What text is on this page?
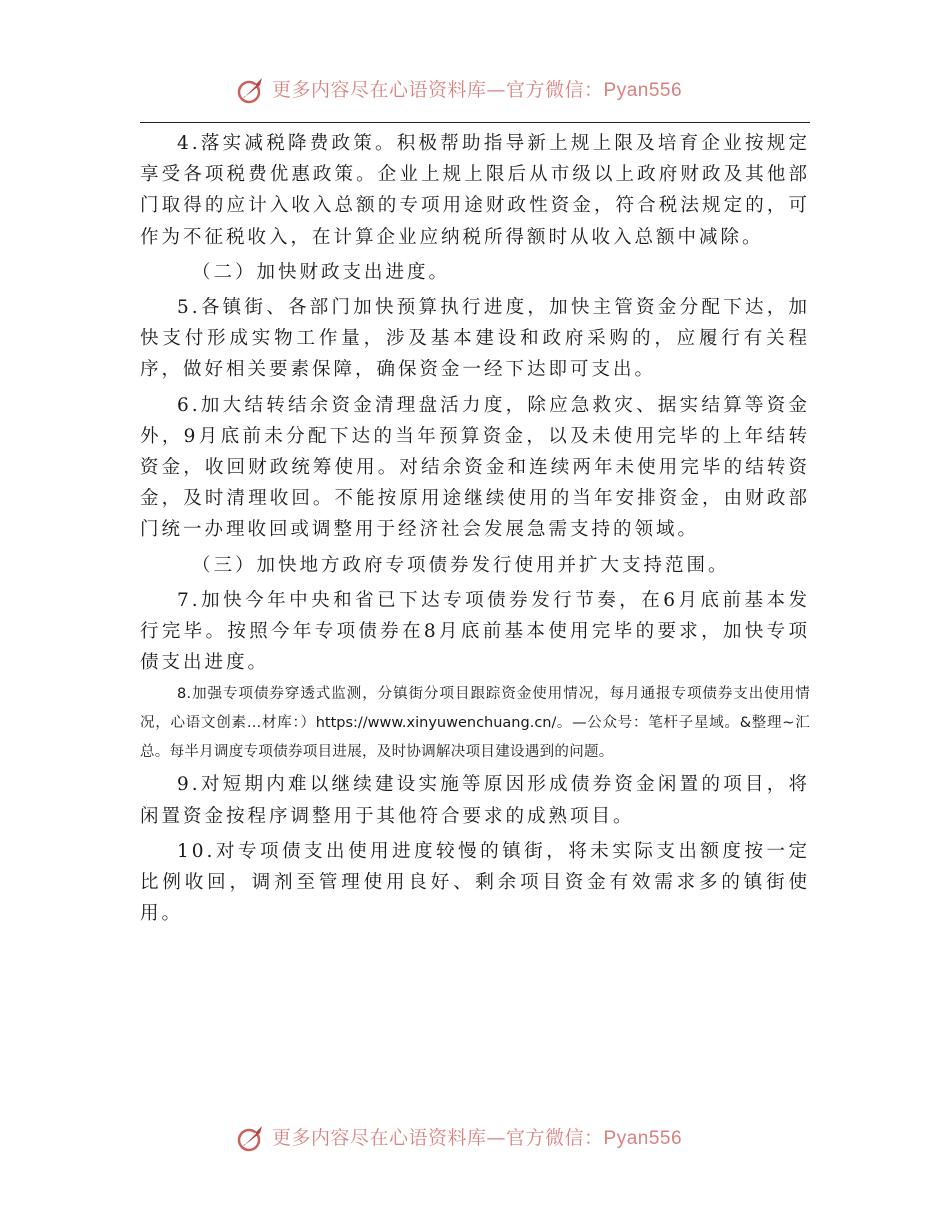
更多内容尽在心语资料库—官方微信：Pyan556

4.落实减税降费政策。积极帮助指导新上规上限及培育企业按规定享受各项税费优惠政策。企业上规上限后从市级以上政府财政及其他部门取得的应计入收入总额的专项用途财政性资金，符合税法规定的，可作为不征税收入，在计算企业应纳税所得额时从收入总额中减除。

（二）加快财政支出进度。

5.各镇街、各部门加快预算执行进度，加快主管资金分配下达，加快支付形成实物工作量，涉及基本建设和政府采购的，应履行有关程序，做好相关要素保障，确保资金一经下达即可支出。

6.加大结转结余资金清理盘活力度，除应急救灾、据实结算等资金外，9月底前未分配下达的当年预算资金，以及未使用完毕的上年结转资金，收回财政统筹使用。对结余资金和连续两年未使用完毕的结转资金，及时清理收回。不能按原用途继续使用的当年安排资金，由财政部门统一办理收回或调整用于经济社会发展急需支持的领域。

（三）加快地方政府专项债券发行使用并扩大支持范围。

7.加快今年中央和省已下达专项债券发行节奏，在6月底前基本发行完毕。按照今年专项债券在8月底前基本使用完毕的要求，加快专项债支出进度。

8.加强专项债券穿透式监测，分镇街分项目跟踪资金使用情况，每月通报专项债券支出使用情况，心语文创素…材库：）https://www.xinyuwenchuang.cn/。—公众号：笔杆子星域。&整理~汇总。每半月调度专项债券项目进展，及时协调解决项目建设遇到的问题。

9.对短期内难以继续建设实施等原因形成债券资金闲置的项目，将闲置资金按程序调整用于其他符合要求的成熟项目。

10.对专项债支出使用进度较慢的镇街，将未实际支出额度按一定比例收回，调剂至管理使用良好、剩余项目资金有效需求多的镇街使用。

更多内容尽在心语资料库—官方微信：Pyan556
